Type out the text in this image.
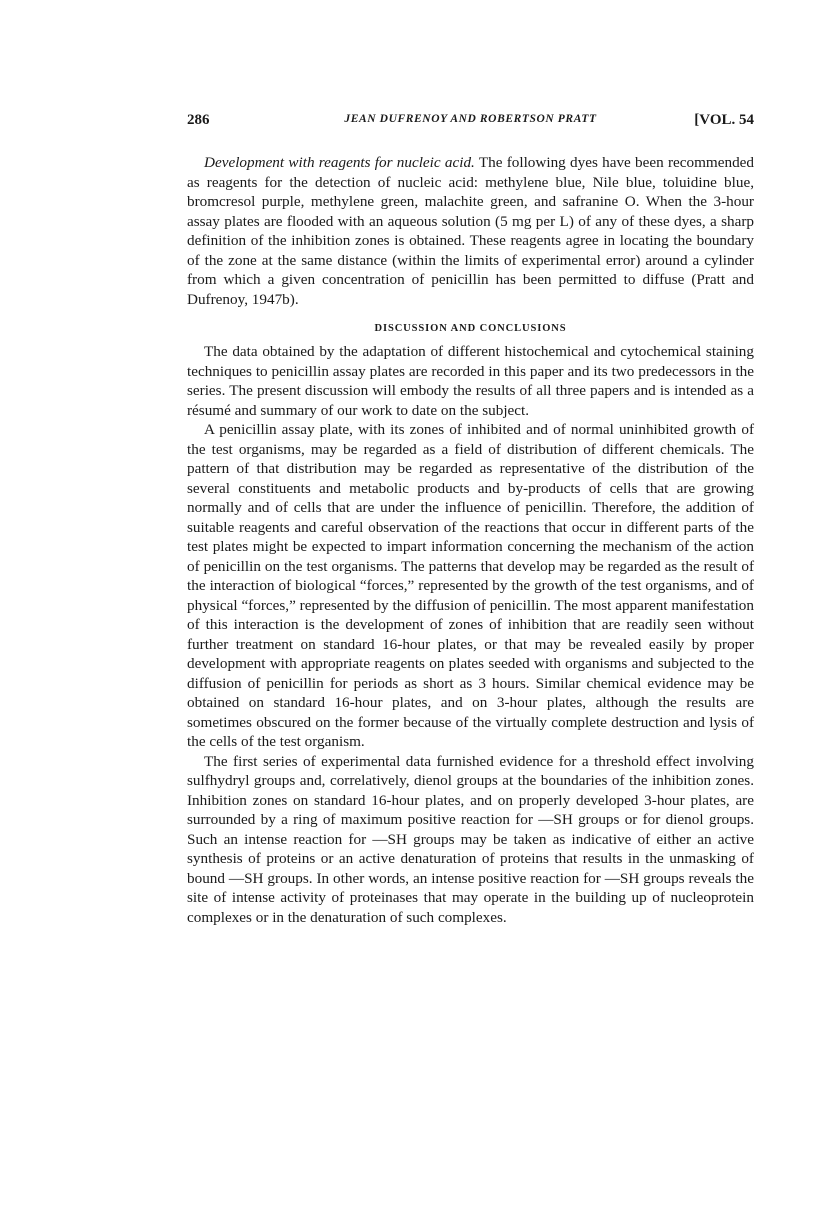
286	JEAN DUFRENOY AND ROBERTSON PRATT	[VOL. 54

Development with reagents for nucleic acid. The following dyes have been recommended as reagents for the detection of nucleic acid: methylene blue, Nile blue, toluidine blue, bromcresol purple, methylene green, malachite green, and safranine O. When the 3-hour assay plates are flooded with an aqueous solution (5 mg per L) of any of these dyes, a sharp definition of the inhibition zones is obtained. These reagents agree in locating the boundary of the zone at the same distance (within the limits of experimental error) around a cylinder from which a given concentration of penicillin has been permitted to diffuse (Pratt and Dufrenoy, 1947b).

DISCUSSION AND CONCLUSIONS

The data obtained by the adaptation of different histochemical and cytochemical staining techniques to penicillin assay plates are recorded in this paper and its two predecessors in the series. The present discussion will embody the results of all three papers and is intended as a résumé and summary of our work to date on the subject.

A penicillin assay plate, with its zones of inhibited and of normal uninhibited growth of the test organisms, may be regarded as a field of distribution of different chemicals. The pattern of that distribution may be regarded as representative of the distribution of the several constituents and metabolic products and by-products of cells that are growing normally and of cells that are under the influence of penicillin. Therefore, the addition of suitable reagents and careful observation of the reactions that occur in different parts of the test plates might be expected to impart information concerning the mechanism of the action of penicillin on the test organisms. The patterns that develop may be regarded as the result of the interaction of biological “forces,” represented by the growth of the test organisms, and of physical “forces,” represented by the diffusion of penicillin. The most apparent manifestation of this interaction is the development of zones of inhibition that are readily seen without further treatment on standard 16-hour plates, or that may be revealed easily by proper development with appropriate reagents on plates seeded with organisms and subjected to the diffusion of penicillin for periods as short as 3 hours. Similar chemical evidence may be obtained on standard 16-hour plates, and on 3-hour plates, although the results are sometimes obscured on the former because of the virtually complete destruction and lysis of the cells of the test organism.

The first series of experimental data furnished evidence for a threshold effect involving sulfhydryl groups and, correlatively, dienol groups at the boundaries of the inhibition zones. Inhibition zones on standard 16-hour plates, and on properly developed 3-hour plates, are surrounded by a ring of maximum positive reaction for —SH groups or for dienol groups. Such an intense reaction for —SH groups may be taken as indicative of either an active synthesis of proteins or an active denaturation of proteins that results in the unmasking of bound —SH groups. In other words, an intense positive reaction for —SH groups reveals the site of intense activity of proteinases that may operate in the building up of nucleoprotein complexes or in the denaturation of such complexes.
